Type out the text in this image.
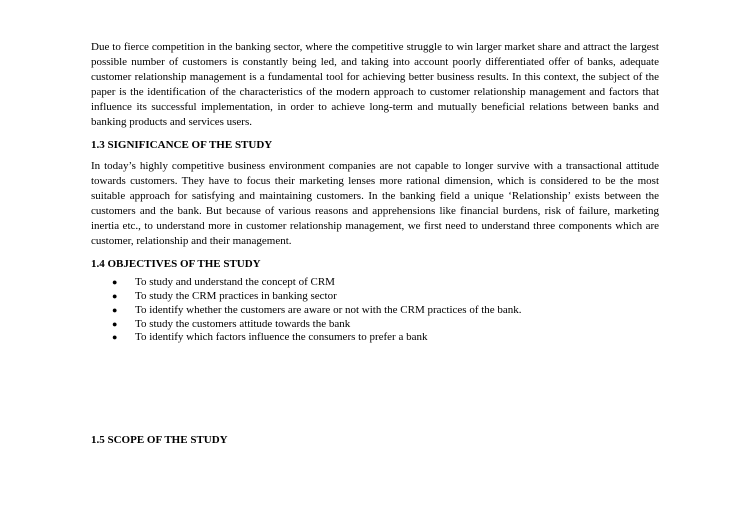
Due to fierce competition in the banking sector, where the competitive struggle to win larger market share and attract the largest possible number of customers is constantly being led, and taking into account poorly differentiated offer of banks, adequate customer relationship management is a fundamental tool for achieving better business results. In this context, the subject of the paper is the identification of the characteristics of the modern approach to customer relationship management and factors that influence its successful implementation, in order to achieve long-term and mutually beneficial relations between banks and banking products and services users.

1.3 SIGNIFICANCE OF THE STUDY

In today’s highly competitive business environment companies are not capable to longer survive with a transactional attitude towards customers. They have to focus their marketing lenses more rational dimension, which is considered to be the most suitable approach for satisfying and maintaining customers. In the banking field a unique ‘Relationship’ exists between the customers and the bank. But because of various reasons and apprehensions like financial burdens, risk of failure, marketing inertia etc., to understand more in customer relationship management, we first need to understand three components which are customer, relationship and their management.

1.4 OBJECTIVES OF THE STUDY

● To study and understand the concept of CRM
● To study the CRM practices in banking sector
● To identify whether the customers are aware or not with the CRM practices of the bank.
● To study the customers attitude towards the bank
● To identify which factors influence the consumers to prefer a bank

1.5 SCOPE OF THE STUDY
